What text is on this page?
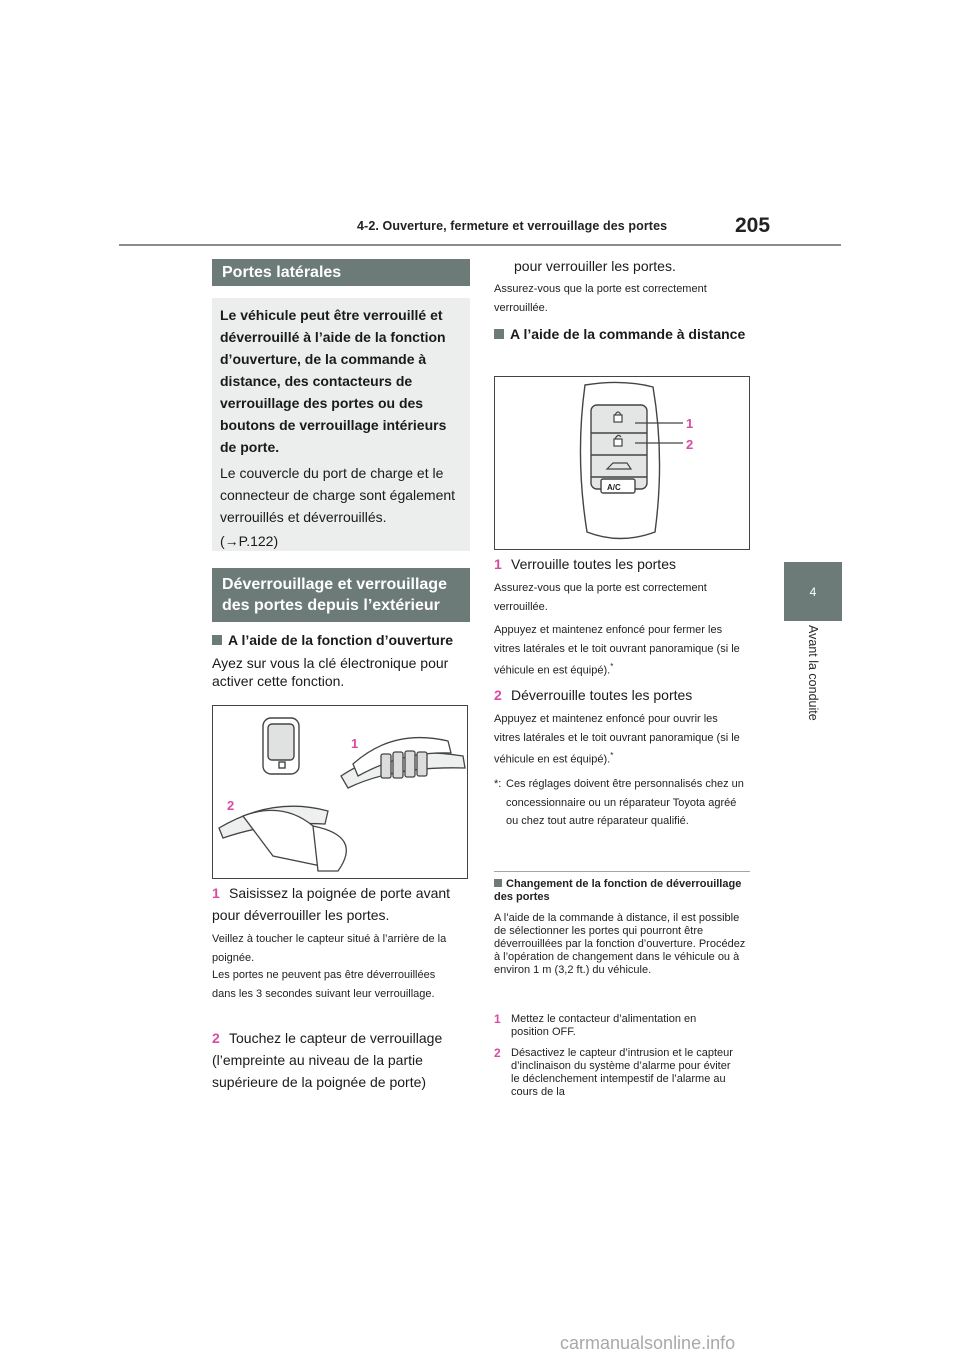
4-2. Ouverture, fermeture et verrouillage des portes	205
4
Avant la conduite
Portes latérales

Le véhicule peut être verrouillé et déverrouillé à l’aide de la fonction d’ouverture, de la commande à distance, des contacteurs de verrouillage des portes ou des boutons de verrouillage intérieurs de porte.

Le couvercle du port de charge et le connecteur de charge sont également verrouillés et déverrouillés.

(→P.122)

Déverrouillage et verrouillage des portes depuis l’extérieur
A l’aide de la fonction d’ouverture
Ayez sur vous la clé électronique pour activer cette fonction.
1
2
1 Saisissez la poignée de porte avant pour déverrouiller les portes.
Veillez à toucher le capteur situé à l’arrière de la poignée.
Les portes ne peuvent pas être déverrouillées dans les 3 secondes suivant leur verrouillage.
2 Touchez le capteur de verrouillage (l’empreinte au niveau de la partie supérieure de la poignée de porte)
pour verrouiller les portes.
Assurez-vous que la porte est correctement verrouillée.
A l’aide de la commande à distance
A/C
1
2
1 Verrouille toutes les portes
Assurez-vous que la porte est correctement verrouillée.
Appuyez et maintenez enfoncé pour fermer les vitres latérales et le toit ouvrant panoramique (si le véhicule en est équipé).*
2 Déverrouille toutes les portes
Appuyez et maintenez enfoncé pour ouvrir les vitres latérales et le toit ouvrant panoramique (si le véhicule en est équipé).*
*: Ces réglages doivent être personnalisés chez un concessionnaire ou un réparateur Toyota agréé ou chez tout autre réparateur qualifié.
Changement de la fonction de déverrouillage des portes
A l’aide de la commande à distance, il est possible de sélectionner les portes qui pourront être déverrouillées par la fonction d’ouverture. Procédez à l’opération de changement dans le véhicule ou à environ 1 m (3,2 ft.) du véhicule.
1 Mettez le contacteur d’alimentation en position OFF.
2 Désactivez le capteur d’intrusion et le capteur d’inclinaison du système d’alarme pour éviter le déclenchement intempestif de l’alarme au cours de la
carmanualsonline.info
